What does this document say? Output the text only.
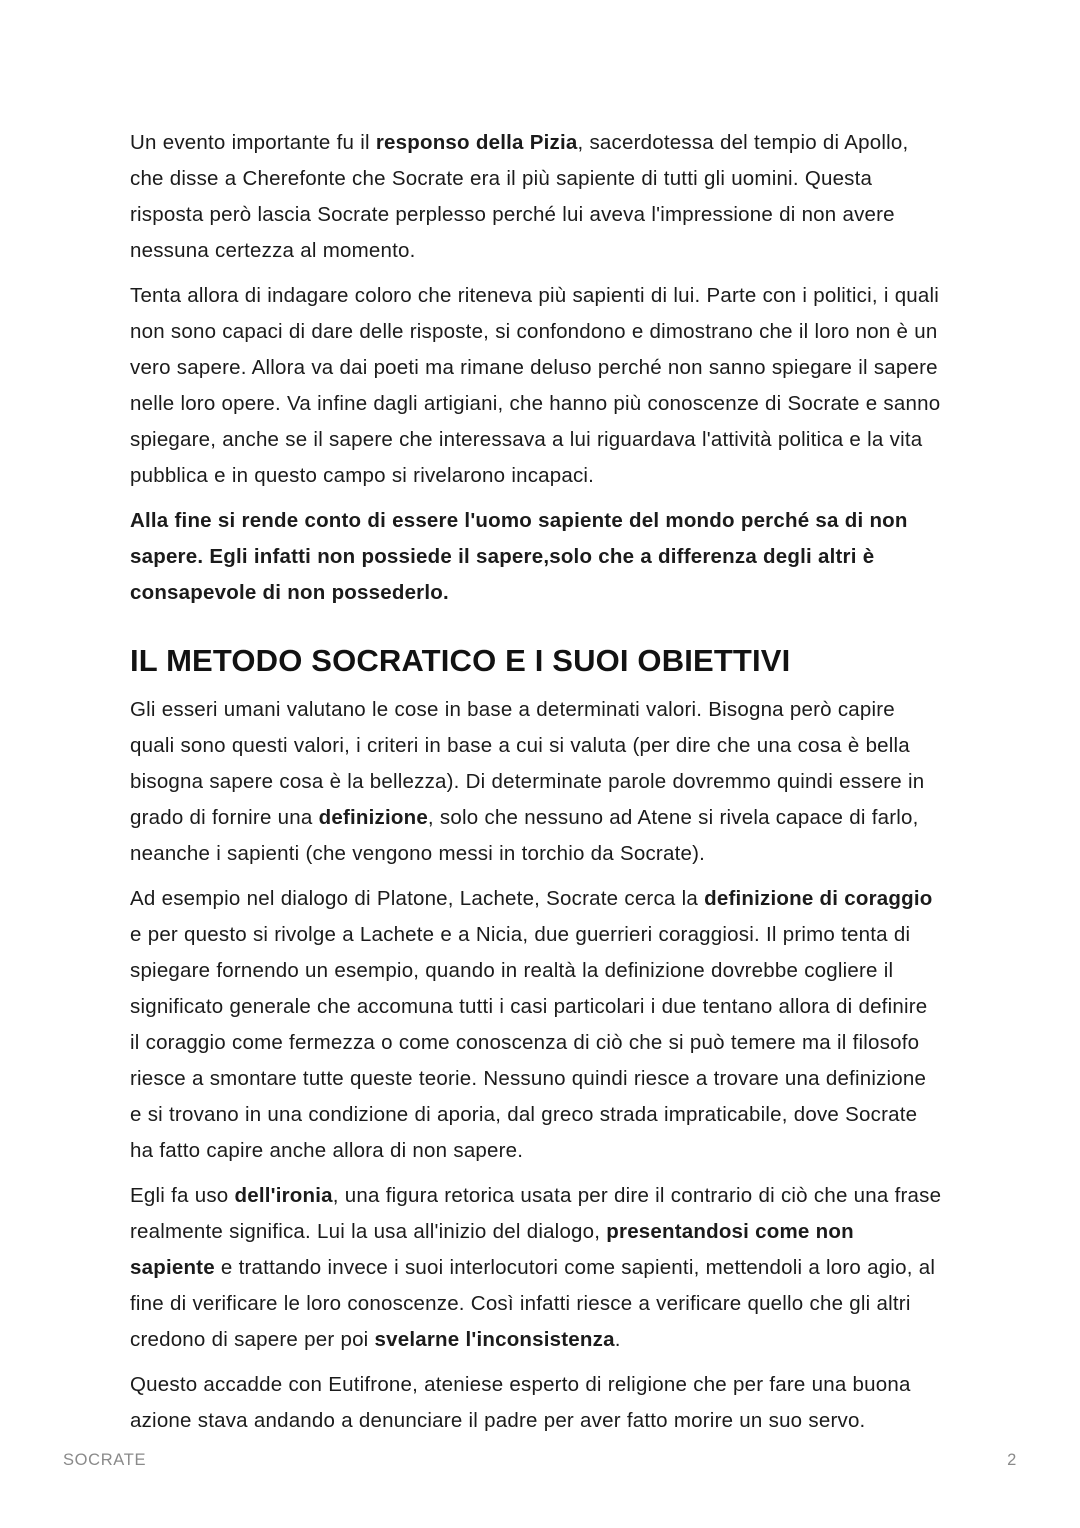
Un evento importante fu il responso della Pizia, sacerdotessa del tempio di Apollo, che disse a Cherefonte che Socrate era il più sapiente di tutti gli uomini. Questa risposta però lascia Socrate perplesso perché lui aveva l'impressione di non avere nessuna certezza al momento.

Tenta allora di indagare coloro che riteneva più sapienti di lui. Parte con i politici, i quali non sono capaci di dare delle risposte, si confondono e dimostrano che il loro non è un vero sapere. Allora va dai poeti ma rimane deluso perché non sanno spiegare il sapere nelle loro opere. Va infine dagli artigiani, che hanno più conoscenze di Socrate e sanno spiegare, anche se il sapere che interessava a lui riguardava l'attività politica e la vita pubblica e in questo campo si rivelarono incapaci.

Alla fine si rende conto di essere l'uomo sapiente del mondo perché sa di non sapere. Egli infatti non possiede il sapere,solo che a differenza degli altri è consapevole di non possederlo.

IL METODO SOCRATICO E I SUOI OBIETTIVI

Gli esseri umani valutano le cose in base a determinati valori. Bisogna però capire quali sono questi valori, i criteri in base a cui si valuta (per dire che una cosa è bella bisogna sapere cosa è la bellezza). Di determinate parole dovremmo quindi essere in grado di fornire una definizione, solo che nessuno ad Atene si rivela capace di farlo, neanche i sapienti (che vengono messi in torchio da Socrate).

Ad esempio nel dialogo di Platone, Lachete, Socrate cerca la definizione di coraggio e per questo si rivolge a Lachete e a Nicia, due guerrieri coraggiosi. Il primo tenta di spiegare fornendo un esempio, quando in realtà la definizione dovrebbe cogliere il significato generale che accomuna tutti i casi particolari i due tentano allora di definire il coraggio come fermezza o come conoscenza di ciò che si può temere ma il filosofo riesce a smontare tutte queste teorie. Nessuno quindi riesce a trovare una definizione e si trovano in una condizione di aporia, dal greco strada impraticabile, dove Socrate ha fatto capire anche allora di non sapere.

Egli fa uso dell'ironia, una figura retorica usata per dire il contrario di ciò che una frase realmente significa. Lui la usa all'inizio del dialogo, presentandosi come non sapiente e trattando invece i suoi interlocutori come sapienti, mettendoli a loro agio, al fine di verificare le loro conoscenze. Così infatti riesce a verificare quello che gli altri credono di sapere per poi svelarne l'inconsistenza.

Questo accadde con Eutifrone, ateniese esperto di religione che per fare una buona azione stava andando a denunciare il padre per aver fatto morire un suo servo.

SOCRATE	2
